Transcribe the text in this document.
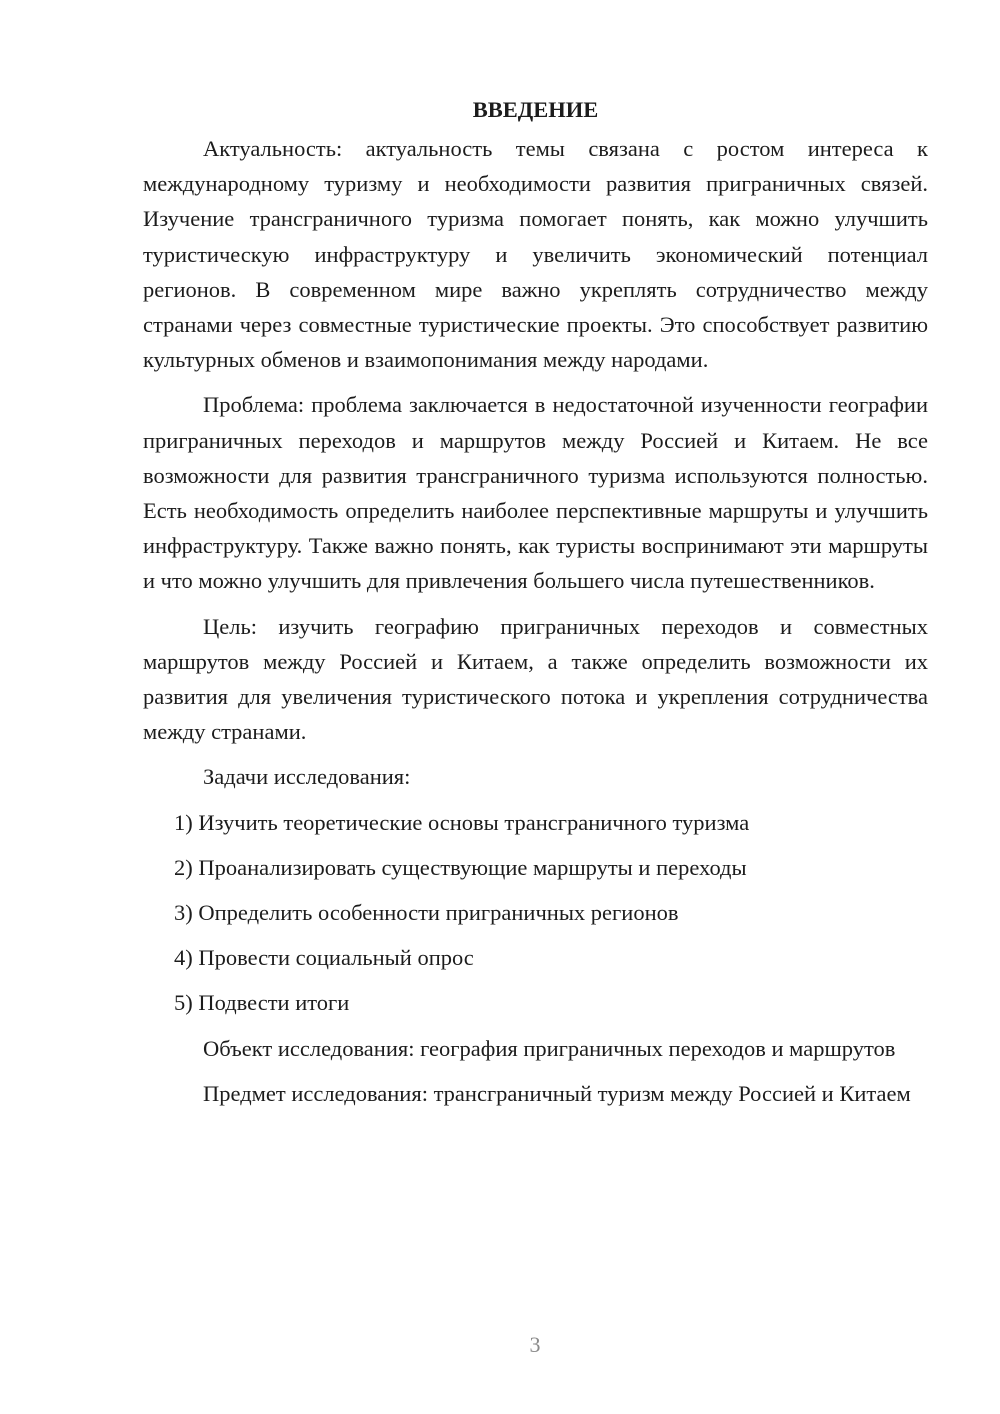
ВВЕДЕНИЕ

Актуальность: актуальность темы связана с ростом интереса к международному туризму и необходимости развития приграничных связей. Изучение трансграничного туризма помогает понять, как можно улучшить туристическую инфраструктуру и увеличить экономический потенциал регионов. В современном мире важно укреплять сотрудничество между странами через совместные туристические проекты. Это способствует развитию культурных обменов и взаимопонимания между народами.

Проблема: проблема заключается в недостаточной изученности географии приграничных переходов и маршрутов между Россией и Китаем. Не все возможности для развития трансграничного туризма используются полностью. Есть необходимость определить наиболее перспективные маршруты и улучшить инфраструктуру. Также важно понять, как туристы воспринимают эти маршруты и что можно улучшить для привлечения большего числа путешественников.

Цель: изучить географию приграничных переходов и совместных маршрутов между Россией и Китаем, а также определить возможности их развития для увеличения туристического потока и укрепления сотрудничества между странами.

Задачи исследования:

1) Изучить теоретические основы трансграничного туризма
2) Проанализировать существующие маршруты и переходы
3) Определить особенности приграничных регионов
4) Провести социальный опрос
5) Подвести итоги

Объект исследования: география приграничных переходов и маршрутов

Предмет исследования: трансграничный туризм между Россией и Китаем

3
